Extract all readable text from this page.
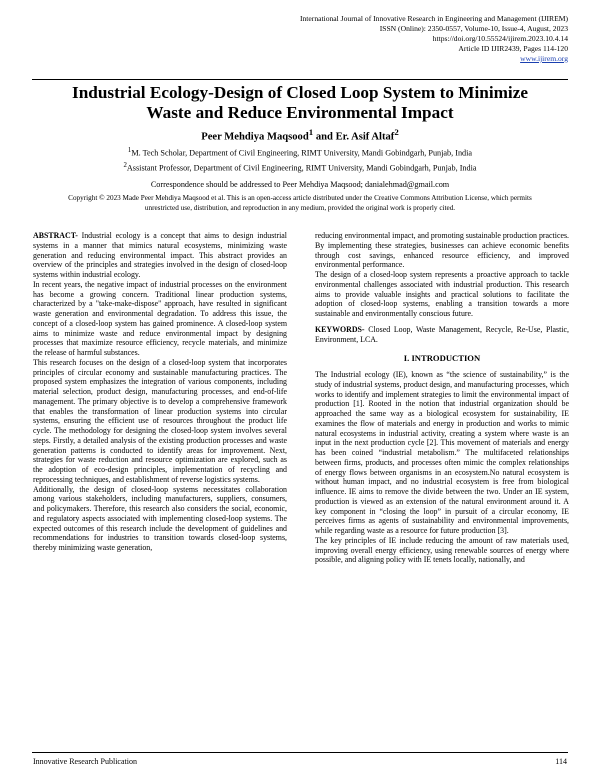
International Journal of Innovative Research in Engineering and Management (IJIREM)
ISSN (Online): 2350-0557, Volume-10, Issue-4, August, 2023
https://doi.org/10.55524/ijirem.2023.10.4.14
Article ID IJIR2439, Pages 114-120
www.ijirem.org
Industrial Ecology-Design of Closed Loop System to Minimize
Waste and Reduce Environmental Impact
Peer Mehdiya Maqsood$^1$ and Er. Asif Altaf$^2$
$^1$M. Tech Scholar, Department of Civil Engineering, RIMT University, Mandi Gobindgarh, Punjab, India
$^2$Assistant Professor, Department of Civil Engineering, RIMT University, Mandi Gobindgarh, Punjab, India
Correspondence should be addressed to Peer Mehdiya Maqsood; danialehmad@gmail.com
Copyright © 2023 Made Peer Mehdiya Maqsood et al. This is an open-access article distributed under the Creative Commons Attribution License, which permits unrestricted use, distribution, and reproduction in any medium, provided the original work is properly cited.

ABSTRACT- Industrial ecology is a concept that aims to design industrial systems in a manner that mimics natural ecosystems, minimizing waste generation and reducing environmental impact. This abstract provides an overview of the principles and strategies involved in the design of closed-loop systems within industrial ecology.

In recent years, the negative impact of industrial processes on the environment has become a growing concern. Traditional linear production systems, characterized by a "take-make-dispose" approach, have resulted in significant waste generation and environmental degradation. To address this issue, the concept of a closed-loop system has gained prominence. A closed-loop system aims to minimize waste and reduce environmental impact by designing processes that maximize resource efficiency, recycle materials, and minimize the release of harmful substances.

This research focuses on the design of a closed-loop system that incorporates principles of circular economy and sustainable manufacturing practices. The proposed system emphasizes the integration of various components, including material selection, product design, manufacturing processes, and end-of-life management. The primary objective is to develop a comprehensive framework that enables the transformation of linear production systems into circular systems, ensuring the efficient use of resources throughout the product life cycle. The methodology for designing the closed-loop system involves several steps. Firstly, a detailed analysis of the existing production processes and waste generation patterns is conducted to identify areas for improvement. Next, strategies for waste reduction and resource optimization are explored, such as the adoption of eco-design principles, implementation of recycling and reprocessing techniques, and establishment of reverse logistics systems.

Additionally, the design of closed-loop systems necessitates collaboration among various stakeholders, including manufacturers, suppliers, consumers, and policymakers. Therefore, this research also considers the social, economic, and regulatory aspects associated with implementing closed-loop systems. The expected outcomes of this research include the development of guidelines and recommendations for industries to transition towards closed-loop systems, thereby minimizing waste generation,

reducing environmental impact, and promoting sustainable production practices. By implementing these strategies, businesses can achieve economic benefits through cost savings, enhanced resource efficiency, and improved environmental performance.

The design of a closed-loop system represents a proactive approach to tackle environmental challenges associated with industrial production. This research aims to provide valuable insights and practical solutions to facilitate the adoption of closed-loop systems, enabling a transition towards a more sustainable and environmentally conscious future.

KEYWORDS- Closed Loop, Waste Management, Recycle, Re-Use, Plastic, Environment, LCA.

I. INTRODUCTION

The Industrial ecology (IE), known as “the science of sustainability,” is the study of industrial systems, product design, and manufacturing processes, which works to identify and implement strategies to limit the environmental impact of production [1]. Rooted in the notion that industrial organization should be approached the same way as a biological ecosystem for sustainability, IE examines the flow of materials and energy in production and works to mimic natural ecosystems in industrial activity, creating a system where waste is an input in the next production cycle [2]. This movement of materials and energy has been coined “industrial metabolism.” The multifaceted relationships between firms, products, and processes often mimic the complex relationships of energy flows between organisms in an ecosystem.No natural ecosystem is without human impact, and no industrial ecosystem is free from biological influence. IE aims to remove the divide between the two. Under an IE system, production is viewed as an extension of the natural environment around it. A key component in “closing the loop” in pursuit of a circular economy, IE perceives firms as agents of sustainability and environmental improvements, while regarding waste as a resource for future production [3].

The key principles of IE include reducing the amount of raw materials used, improving overall energy efficiency, using renewable sources of energy where possible, and aligning policy with IE tenets locally, nationally, and

Innovative Research Publication	114
